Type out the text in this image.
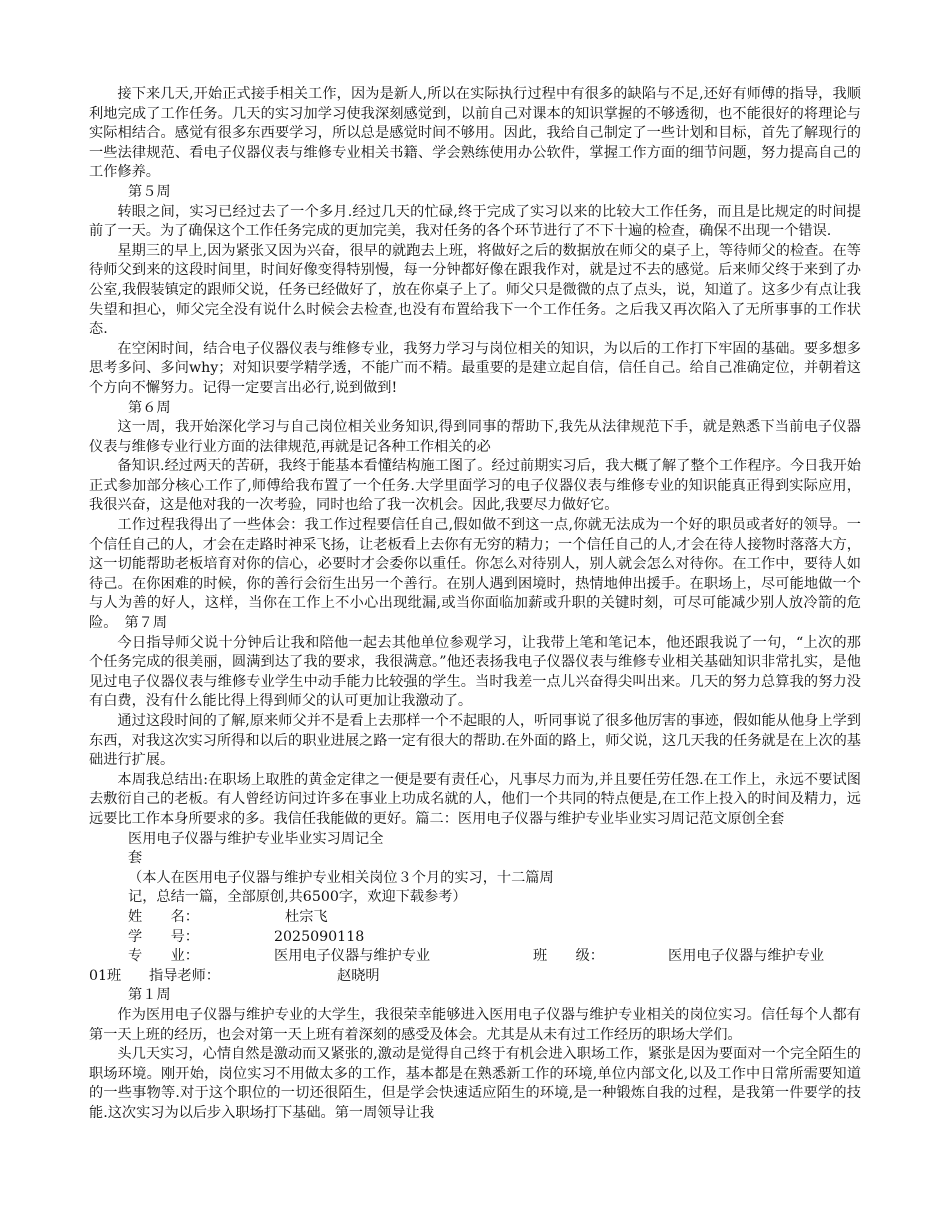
接下来几天,开始正式接手相关工作，因为是新人,所以在实际执行过程中有很多的缺陷与不足,还好有师傅的指导，我顺利地完成了工作任务。几天的实习加学习使我深刻感觉到，以前自己对课本的知识掌握的不够透彻，也不能很好的将理论与实际相结合。感觉有很多东西要学习，所以总是感觉时间不够用。因此，我给自己制定了一些计划和目标，首先了解现行的一些法律规范、看电子仪器仪表与维修专业相关书籍、学会熟练使用办公软件，掌握工作方面的细节问题，努力提高自己的工作修养。

第５周

转眼之间，实习已经过去了一个多月.经过几天的忙碌,终于完成了实习以来的比较大工作任务，而且是比规定的时间提前了一天。为了确保这个工作任务完成的更加完美，我对任务的各个环节进行了不下十遍的检查，确保不出现一个错误.

星期三的早上,因为紧张又因为兴奋，很早的就跑去上班，将做好之后的数据放在师父的桌子上，等待师父的检查。在等待师父到来的这段时间里，时间好像变得特别慢，每一分钟都好像在跟我作对，就是过不去的感觉。后来师父终于来到了办公室,我假装镇定的跟师父说，任务已经做好了，放在你桌子上了。师父只是微微的点了点头，说，知道了。这多少有点让我失望和担心，师父完全没有说什么时候会去检查,也没有布置给我下一个工作任务。之后我又再次陷入了无所事事的工作状态.

在空闲时间，结合电子仪器仪表与维修专业，我努力学习与岗位相关的知识，为以后的工作打下牢固的基础。要多想多思考多问、多问why；对知识要学精学透，不能广而不精。最重要的是建立起自信，信任自己。给自己准确定位，并朝着这个方向不懈努力。记得一定要言出必行,说到做到!

第６周

这一周，我开始深化学习与自己岗位相关业务知识,得到同事的帮助下,我先从法律规范下手，就是熟悉下当前电子仪器仪表与维修专业行业方面的法律规范,再就是记各种工作相关的必

备知识.经过两天的苦研，我终于能基本看懂结构施工图了。经过前期实习后，我大概了解了整个工作程序。今日我开始正式参加部分核心工作了,师傅给我布置了一个任务.大学里面学习的电子仪器仪表与维修专业的知识能真正得到实际应用，我很兴奋，这是他对我的一次考验，同时也给了我一次机会。因此,我要尽力做好它。

工作过程我得出了一些体会：我工作过程要信任自己,假如做不到这一点,你就无法成为一个好的职员或者好的领导。一个信任自己的人，才会在走路时神采飞扬，让老板看上去你有无穷的精力；一个信任自己的人,才会在待人接物时落落大方，这一切能帮助老板培育对你的信心，必要时才会委你以重任。你怎么对待别人，别人就会怎么对待你。在工作中，要待人如待己。在你困难的时候，你的善行会衍生出另一个善行。在别人遇到困境时，热情地伸出援手。在职场上，尽可能地做一个与人为善的好人，这样，当你在工作上不小心出现纰漏,或当你面临加薪或升职的关键时刻，可尽可能减少别人放冷箭的危险。　第７周

今日指导师父说十分钟后让我和陪他一起去其他单位参观学习，让我带上笔和笔记本，他还跟我说了一句，“上次的那个任务完成的很美丽，圆满到达了我的要求，我很满意。”他还表扬我电子仪器仪表与维修专业相关基础知识非常扎实，是他见过电子仪器仪表与维修专业学生中动手能力比较强的学生。当时我差一点儿兴奋得尖叫出来。几天的努力总算我的努力没有白费，没有什么能比得上得到师父的认可更加让我激动了。

通过这段时间的了解,原来师父并不是看上去那样一个不起眼的人，听同事说了很多他厉害的事迹，假如能从他身上学到东西，对我这次实习所得和以后的职业进展之路一定有很大的帮助.在外面的路上，师父说，这几天我的任务就是在上次的基础进行扩展。

本周我总结出:在职场上取胜的黄金定律之一便是要有责任心，凡事尽力而为,并且要任劳任怨.在工作上，永远不要试图去敷衍自己的老板。有人曾经访问过许多在事业上功成名就的人，他们一个共同的特点便是,在工作上投入的时间及精力，远远要比工作本身所要求的多。我信任我能做的更好。篇二：医用电子仪器与维护专业毕业实习周记范文原创全套

医用电子仪器与维护专业毕业实习周记全

套

（本人在医用电子仪器与维护专业相关岗位３个月的实习，十二篇周

记，总结一篇，全部原创,共6500字，欢迎下载参考）

姓　　名：	杜宗飞
学　　号：	2025090118
专　　业：	医用电子仪器与维护专业	班　　级：	医用电子仪器与维护专业
01班 指导老师：	赵晓明

第１周

作为医用电子仪器与维护专业的大学生，我很荣幸能够进入医用电子仪器与维护专业相关的岗位实习。信任每个人都有第一天上班的经历，也会对第一天上班有着深刻的感受及体会。尤其是从未有过工作经历的职场大学们。

头几天实习，心情自然是激动而又紧张的,激动是觉得自己终于有机会进入职场工作，紧张是因为要面对一个完全陌生的职场环境。刚开始，岗位实习不用做太多的工作，基本都是在熟悉新工作的环境,单位内部文化,以及工作中日常所需要知道的一些事物等.对于这个职位的一切还很陌生，但是学会快速适应陌生的环境,是一种锻炼自我的过程，是我第一件要学的技能.这次实习为以后步入职场打下基础。第一周领导让我
